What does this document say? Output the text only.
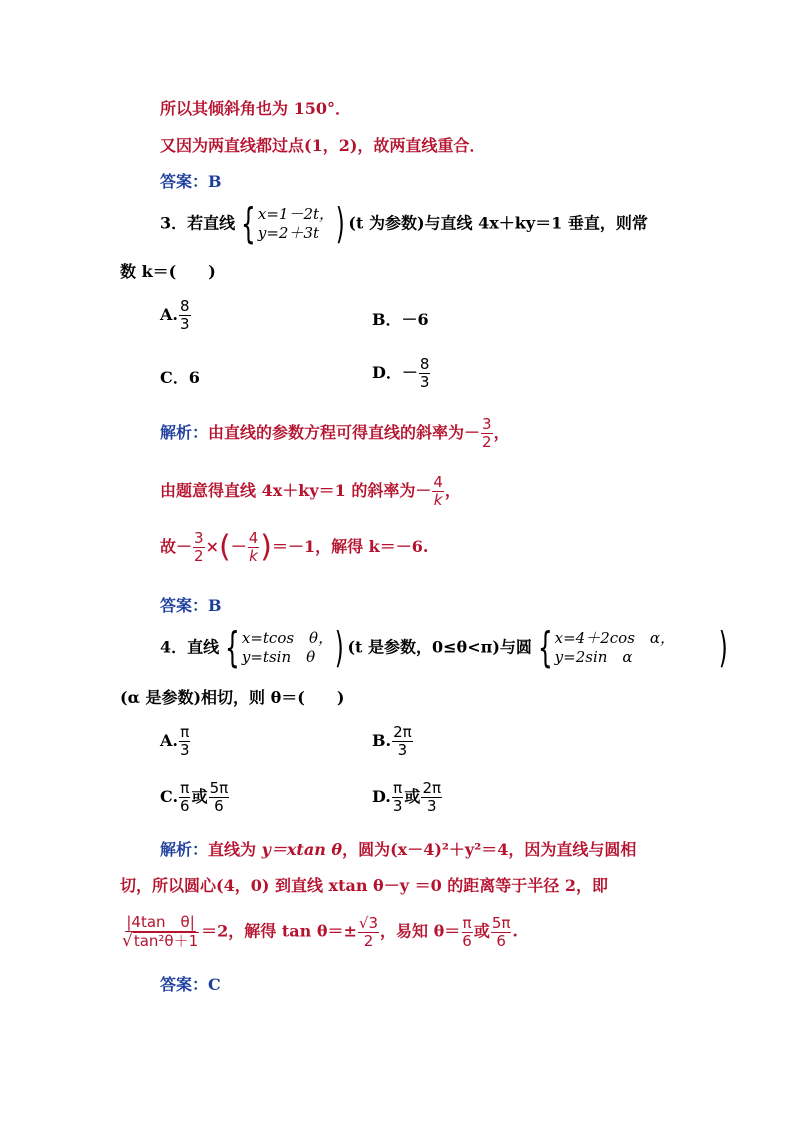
所以其倾斜角也为 150°．
又因为两直线都过点(1，2)，故两直线重合．
答案：B
3．若直线 { x=1－2t，
y=2＋3t ) (t 为参数)与直线 4x＋ky＝1 垂直，则常
数 k＝(　　)
A. $\frac{8}{3}$	B．－6
C．6	D．－ $\frac{8}{3}$
解析：由直线的参数方程可得直线的斜率为－ $\frac{3}{2}$ ，
由题意得直线 4x＋ky＝1 的斜率为－ $\frac{4}{k}$ ，
故－ $\frac{3}{2}$ ×(－ $\frac{4}{k} )=-1$，解得 k＝－6.
答案：B
4．直线 { x=tcos　θ，
y=tsin　θ ) (t 是参数，0≤θ<π)与圆 { x=4＋2cos　α，
y=2sin　α	)
(α 是参数)相切，则 θ＝(　　)
A. $\frac{\pi}{3}$	B. $\frac{2\pi}{3}$
C. $\frac{\pi}{6}$ 或 $\frac{5\pi}{6}$	D. $\frac{\pi}{3}$ 或 $\frac{2\pi}{3}$
解析：直线为 y＝xtan θ，圆为(x－4)²＋y²＝4，因为直线与圆相
切，所以圆心(4，0) 到直线 xtan θ－y ＝0 的距离等于半径 2，即
$\frac{\text{|4tan　θ|}}{\text{√ tan²θ＋1}} =2$，解得 $\tan \theta=\pm \frac{√3}{2}$ ，易知 $\theta= \frac{\pi}{6}$ 或 $\frac{5\pi}{6}$ .
答案：C
